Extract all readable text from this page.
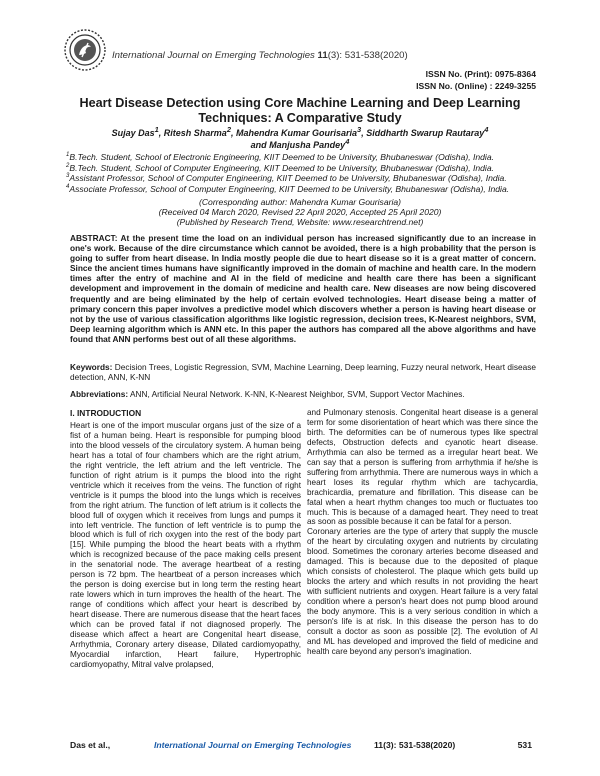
International Journal on Emerging Technologies 11(3): 531-538(2020)
ISSN No. (Print): 0975-8364
ISSN No. (Online) : 2249-3255
Heart Disease Detection using Core Machine Learning and Deep Learning
Techniques: A Comparative Study
Sujay Das$^1$, Ritesh Sharma$^2$, Mahendra Kumar Gourisaria$^3$, Siddharth Swarup Rautaray$^4$
and Manjusha Pandey$^4$
$^1$B.Tech. Student, School of Electronic Engineering, KIIT Deemed to be University, Bhubaneswar (Odisha), India.
$^2$B.Tech. Student, School of Computer Engineering, KIIT Deemed to be University, Bhubaneswar (Odisha), India.
$^3$Assistant Professor, School of Computer Engineering, KIIT Deemed to be University, Bhubaneswar (Odisha), India.
$^4$Associate Professor, School of Computer Engineering, KIIT Deemed to be University, Bhubaneswar (Odisha), India.
(Corresponding author: Mahendra Kumar Gourisaria)
(Received 04 March 2020, Revised 22 April 2020, Accepted 25 April 2020)
(Published by Research Trend, Website: www.researchtrend.net)
ABSTRACT: At the present time the load on an individual person has increased significantly due to an increase in one's work. Because of the dire circumstance which cannot be avoided, there is a high probability that the person is going to suffer from heart disease. In India mostly people die due to heart disease so it is a great matter of concern. Since the ancient times humans have significantly improved in the domain of machine and health care. In the modern times after the entry of machine and AI in the field of medicine and health care there has been a significant development and improvement in the domain of medicine and health care. New diseases are now being discovered frequently and are being eliminated by the help of certain evolved technologies. Heart disease being a matter of primary concern this paper involves a predictive model which discovers whether a person is having heart disease or not by the use of various classification algorithms like logistic regression, decision trees, K-Nearest neighbors, SVM, Deep learning algorithm which is ANN etc. In this paper the authors has compared all the above algorithms and have found that ANN performs best out of all these algorithms.
Keywords: Decision Trees, Logistic Regression, SVM, Machine Learning, Deep learning, Fuzzy neural network, Heart disease detection, ANN, K-NN
Abbreviations: ANN, Artificial Neural Network. K-NN, K-Nearest Neighbor, SVM, Support Vector Machines.
I. INTRODUCTION

Heart is one of the import muscular organs just of the size of a fist of a human being. Heart is responsible for pumping blood into the blood vessels of the circulatory system. A human being heart has a total of four chambers which are the right atrium, the right ventricle, the left atrium and the left ventricle. The function of right atrium is it pumps the blood into the right ventricle which it receives from the veins. The function of right ventricle is it pumps the blood into the lungs which is receives from the right atrium. The function of left atrium is it collects the blood full of oxygen which it receives from lungs and pumps it into left ventricle. The function of left ventricle is to pump the blood which is full of rich oxygen into the rest of the body part [15]. While pumping the blood the heart beats with a rhythm which is recognized because of the pace making cells present in the senatorial node. The average heartbeat of a resting person is 72 bpm. The heartbeat of a person increases which the person is doing exercise but in long term the resting heart rate lowers which in turn improves the health of the heart. The range of conditions which affect your heart is described by heart disease. There are numerous disease that the heart faces which can be proved fatal if not diagnosed properly. The disease which affect a heart are Congenital heart disease, Arrhythmia, Coronary artery disease, Dilated cardiomyopathy, Myocardial infarction, Heart failure, Hypertrophic cardiomyopathy, Mitral valve prolapsed,

and Pulmonary stenosis. Congenital heart disease is a general term for some disorientation of heart which was there since the birth. The deformities can be of numerous types like spectral defects, Obstruction defects and cyanotic heart disease. Arrhythmia can also be termed as a irregular heart beat. We can say that a person is suffering from arrhythmia if he/she is suffering from arrhythmia. There are numerous ways in which a heart loses its regular rhythm which are tachycardia, brachicardia, premature and fibrillation. This disease can be fatal when a heart rhythm changes too much or fluctuates too much. This is because of a damaged heart. They need to treat as soon as possible because it can be fatal for a person.

Coronary arteries are the type of artery that supply the muscle of the heart by circulating oxygen and nutrients by circulating blood. Sometimes the coronary arteries become diseased and damaged. This is because due to the deposited of plaque which consists of cholesterol. The plaque which gets build up blocks the artery and which results in not providing the heart with sufficient nutrients and oxygen. Heart failure is a very fatal condition where a person's heart does not pump blood around the body anymore. This is a very serious condition in which a person's life is at risk. In this disease the person has to do consult a doctor as soon as possible [2]. The evolution of AI and ML has developed and improved the field of medicine and health care beyond any person's imagination.

Das et al.,	International Journal on Emerging Technologies	11(3): 531-538(2020)	531
